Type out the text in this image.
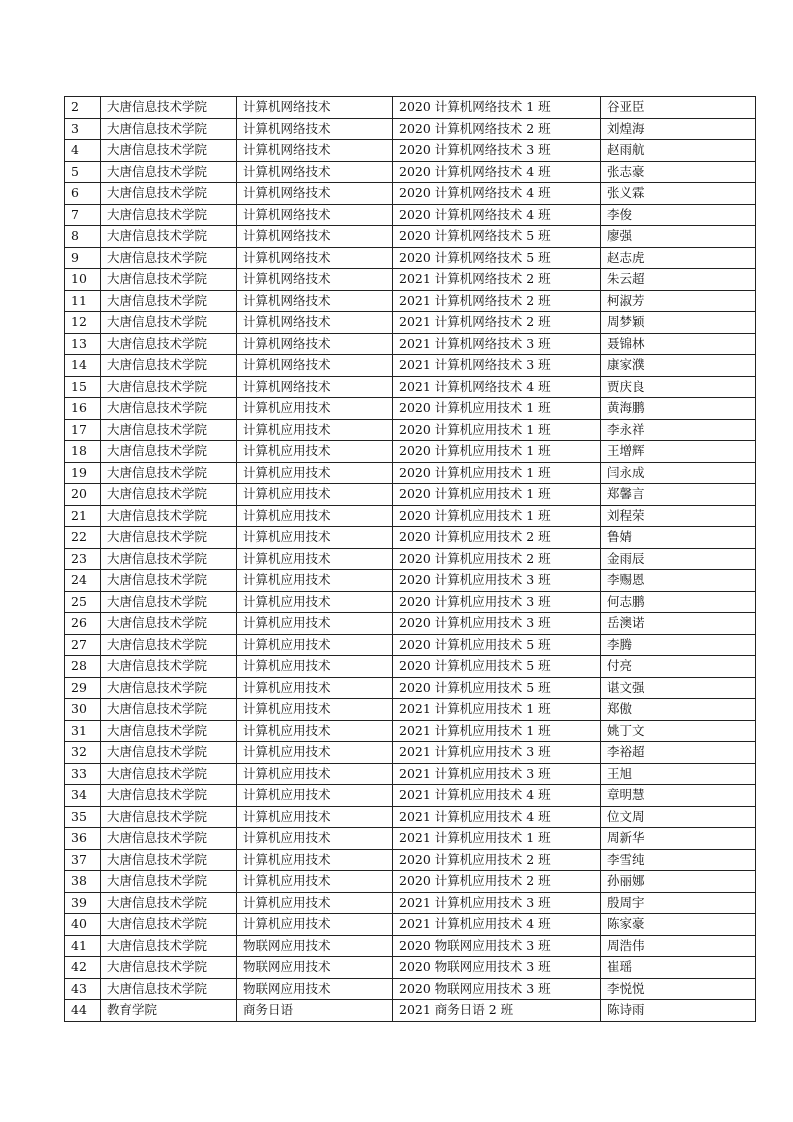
2	大唐信息技术学院	计算机网络技术	2020 计算机网络技术 1 班	谷亚臣
3	大唐信息技术学院	计算机网络技术	2020 计算机网络技术 2 班	刘煌海
4	大唐信息技术学院	计算机网络技术	2020 计算机网络技术 3 班	赵雨航
5	大唐信息技术学院	计算机网络技术	2020 计算机网络技术 4 班	张志豪
6	大唐信息技术学院	计算机网络技术	2020 计算机网络技术 4 班	张义霖
7	大唐信息技术学院	计算机网络技术	2020 计算机网络技术 4 班	李俊
8	大唐信息技术学院	计算机网络技术	2020 计算机网络技术 5 班	廖强
9	大唐信息技术学院	计算机网络技术	2020 计算机网络技术 5 班	赵志虎
10	大唐信息技术学院	计算机网络技术	2021 计算机网络技术 2 班	朱云超
11	大唐信息技术学院	计算机网络技术	2021 计算机网络技术 2 班	柯淑芳
12	大唐信息技术学院	计算机网络技术	2021 计算机网络技术 2 班	周梦颖
13	大唐信息技术学院	计算机网络技术	2021 计算机网络技术 3 班	聂锦林
14	大唐信息技术学院	计算机网络技术	2021 计算机网络技术 3 班	康家濮
15	大唐信息技术学院	计算机网络技术	2021 计算机网络技术 4 班	贾庆良
16	大唐信息技术学院	计算机应用技术	2020 计算机应用技术 1 班	黄海鹏
17	大唐信息技术学院	计算机应用技术	2020 计算机应用技术 1 班	李永祥
18	大唐信息技术学院	计算机应用技术	2020 计算机应用技术 1 班	王增辉
19	大唐信息技术学院	计算机应用技术	2020 计算机应用技术 1 班	闫永成
20	大唐信息技术学院	计算机应用技术	2020 计算机应用技术 1 班	郑馨言
21	大唐信息技术学院	计算机应用技术	2020 计算机应用技术 1 班	刘程荣
22	大唐信息技术学院	计算机应用技术	2020 计算机应用技术 2 班	鲁婧
23	大唐信息技术学院	计算机应用技术	2020 计算机应用技术 2 班	金雨辰
24	大唐信息技术学院	计算机应用技术	2020 计算机应用技术 3 班	李赐恩
25	大唐信息技术学院	计算机应用技术	2020 计算机应用技术 3 班	何志鹏
26	大唐信息技术学院	计算机应用技术	2020 计算机应用技术 3 班	岳澳诺
27	大唐信息技术学院	计算机应用技术	2020 计算机应用技术 5 班	李腾
28	大唐信息技术学院	计算机应用技术	2020 计算机应用技术 5 班	付亮
29	大唐信息技术学院	计算机应用技术	2020 计算机应用技术 5 班	谌文强
30	大唐信息技术学院	计算机应用技术	2021 计算机应用技术 1 班	郑傲
31	大唐信息技术学院	计算机应用技术	2021 计算机应用技术 1 班	姚丁文
32	大唐信息技术学院	计算机应用技术	2021 计算机应用技术 3 班	李裕超
33	大唐信息技术学院	计算机应用技术	2021 计算机应用技术 3 班	王旭
34	大唐信息技术学院	计算机应用技术	2021 计算机应用技术 4 班	章明慧
35	大唐信息技术学院	计算机应用技术	2021 计算机应用技术 4 班	位文周
36	大唐信息技术学院	计算机应用技术	2021 计算机应用技术 1 班	周新华
37	大唐信息技术学院	计算机应用技术	2020 计算机应用技术 2 班	李雪纯
38	大唐信息技术学院	计算机应用技术	2020 计算机应用技术 2 班	孙丽娜
39	大唐信息技术学院	计算机应用技术	2021 计算机应用技术 3 班	殷周宇
40	大唐信息技术学院	计算机应用技术	2021 计算机应用技术 4 班	陈家豪
41	大唐信息技术学院	物联网应用技术	2020 物联网应用技术 3 班	周浩伟
42	大唐信息技术学院	物联网应用技术	2020 物联网应用技术 3 班	崔瑶
43	大唐信息技术学院	物联网应用技术	2020 物联网应用技术 3 班	李悦悦
44	教育学院	商务日语	2021 商务日语 2 班	陈诗雨
